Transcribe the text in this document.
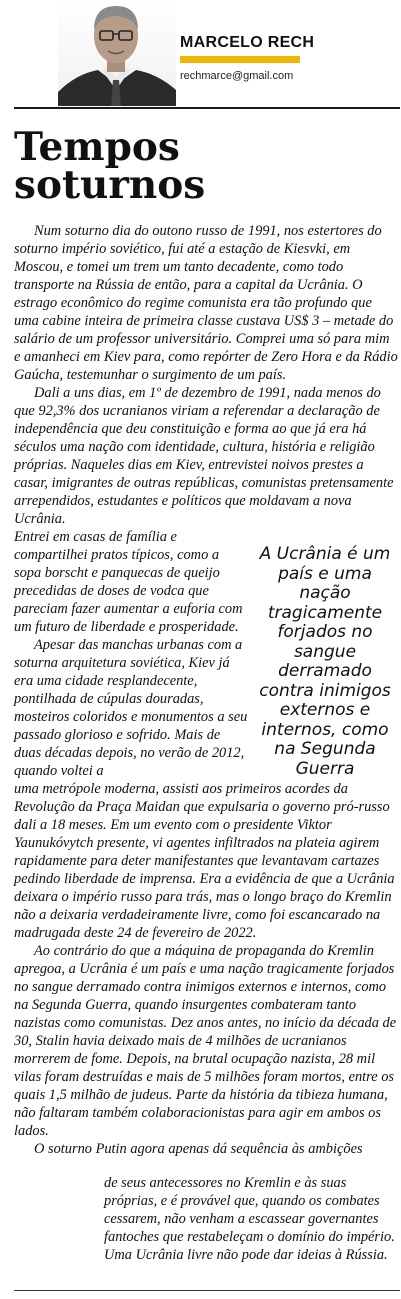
MARCELO RECH
rechmarce@gmail.com
Tempos
soturnos

Num soturno dia do outono russo de 1991, nos estertores do soturno império soviético, fui até a estação de Kiesvki, em Moscou, e tomei um trem um tanto decadente, como todo transporte na Rússia de então, para a capital da Ucrânia. O estrago econômico do regime comunista era tão profundo que uma cabine inteira de primeira classe custava US$ 3 – metade do salário de um professor universitário. Comprei uma só para mim e amanheci em Kiev para, como repórter de Zero Hora e da Rádio Gaúcha, testemunhar o surgimento de um país.

Dali a uns dias, em 1º de dezembro de 1991, nada menos do que 92,3% dos ucranianos viriam a referendar a declaração de independência que deu constituição e forma ao que já era há séculos uma nação com identidade, cultura, história e religião próprias. Naqueles dias em Kiev, entrevistei noivos prestes a casar, imigrantes de outras repúblicas, comunistas pretensamente arrependidos, estudantes e políticos que moldavam a nova Ucrânia.

Entrei em casas de família e compartilhei pratos típicos, como a sopa borscht e panquecas de queijo precedidas de doses de vodca que pareciam fazer aumentar a euforia com um futuro de liberdade e prosperidade.

Apesar das manchas urbanas com a soturna arquitetura soviética, Kiev já era uma cidade resplandecente, pontilhada de cúpulas douradas, mosteiros coloridos e monumentos a seu passado glorioso e sofrido. Mais de duas décadas depois, no verão de 2012, quando voltei a

A Ucrânia é um país e uma nação tragicamente forjados no sangue derramado contra inimigos externos e internos, como na Segunda Guerra

uma metrópole moderna, assisti aos primeiros acordes da Revolução da Praça Maidan que expulsaria o governo pró-russo dali a 18 meses. Em um evento com o presidente Viktor Yaunukóvytch presente, vi agentes infiltrados na plateia agirem rapidamente para deter manifestantes que levantavam cartazes pedindo liberdade de imprensa. Era a evidência de que a Ucrânia deixara o império russo para trás, mas o longo braço do Kremlin não a deixaria verdadeiramente livre, como foi escancarado na madrugada deste 24 de fevereiro de 2022.

Ao contrário do que a máquina de propaganda do Kremlin apregoa, a Ucrânia é um país e uma nação tragicamente forjados no sangue derramado contra inimigos externos e internos, como na Segunda Guerra, quando insurgentes combateram tanto nazistas como comunistas. Dez anos antes, no início da década de 30, Stalin havia deixado mais de 4 milhões de ucranianos morrerem de fome. Depois, na brutal ocupação nazista, 28 mil vilas foram destruídas e mais de 5 milhões foram mortos, entre os quais 1,5 milhão de judeus. Parte da história da tibieza humana, não faltaram também colaboracionistas para agir em ambos os lados.

O soturno Putin agora apenas dá sequência às ambições

de seus antecessores no Kremlin e às suas próprias, e é provável que, quando os combates cessarem, não venham a escassear governantes fantoches que restabeleçam o domínio do império. Uma Ucrânia livre não pode dar ideias à Rússia.
